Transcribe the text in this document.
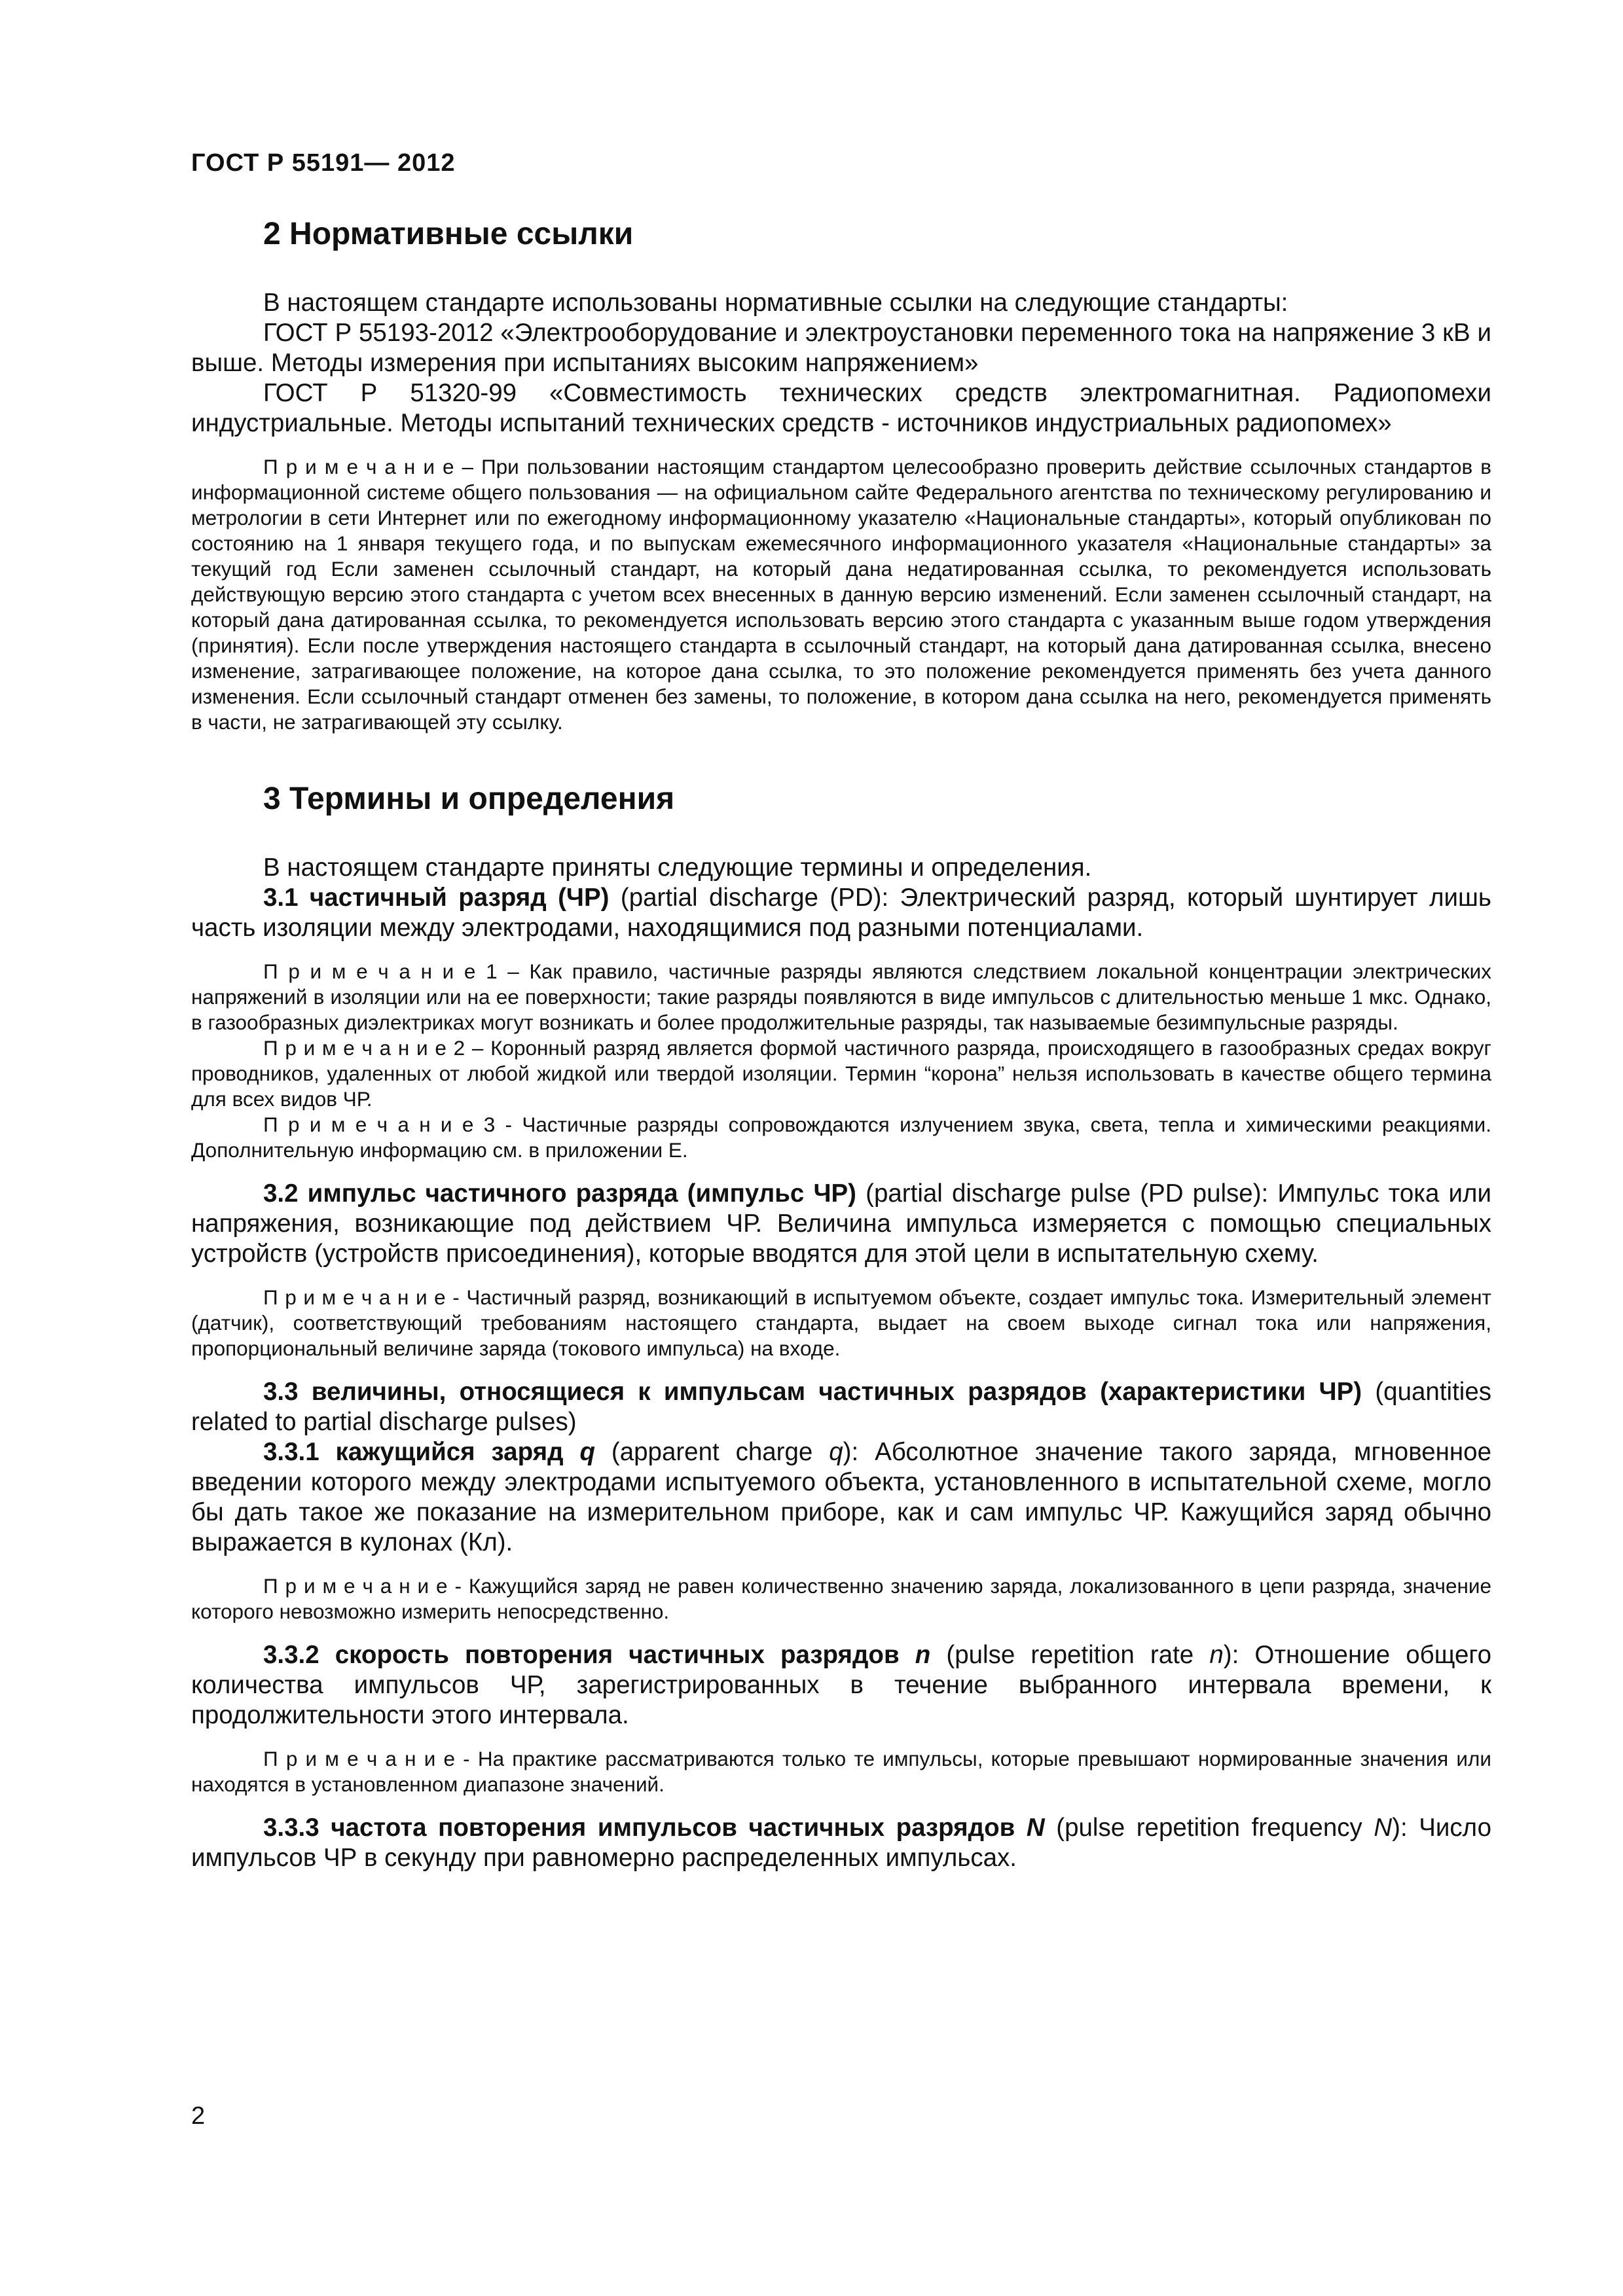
ГОСТ Р 55191— 2012
2 Нормативные ссылки

В настоящем стандарте использованы нормативные ссылки на следующие стандарты:

ГОСТ Р 55193-2012 «Электрооборудование и электроустановки переменного тока на напряжение 3 кВ и выше. Методы измерения при испытаниях высоким напряжением»

ГОСТ Р 51320-99 «Совместимость технических средств электромагнитная. Радиопомехи индустриальные. Методы испытаний технических средств - источников индустриальных радиопомех»

П р и м е ч а н и е – При пользовании настоящим стандартом целесообразно проверить действие ссылочных стандартов в информационной системе общего пользования — на официальном сайте Федерального агентства по техническому регулированию и метрологии в сети Интернет или по ежегодному информационному указателю «Национальные стандарты», который опубликован по состоянию на 1 января текущего года, и по выпускам ежемесячного информационного указателя «Национальные стандарты» за текущий год Если заменен ссылочный стандарт, на который дана недатированная ссылка, то рекомендуется использовать действующую версию этого стандарта с учетом всех внесенных в данную версию изменений. Если заменен ссылочный стандарт, на который дана датированная ссылка, то рекомендуется использовать версию этого стандарта с указанным выше годом утверждения (принятия). Если после утверждения настоящего стандарта в ссылочный стандарт, на который дана датированная ссылка, внесено изменение, затрагивающее положение, на которое дана ссылка, то это положение рекомендуется применять без учета данного изменения. Если ссылочный стандарт отменен без замены, то положение, в котором дана ссылка на него, рекомендуется применять в части, не затрагивающей эту ссылку.

3 Термины и определения

В настоящем стандарте приняты следующие термины и определения.

3.1 частичный разряд (ЧР) (partial discharge (PD): Электрический разряд, который шунтирует лишь часть изоляции между электродами, находящимися под разными потенциалами.

П р и м е ч а н и е 1 – Как правило, частичные разряды являются следствием локальной концентрации электрических напряжений в изоляции или на ее поверхности; такие разряды появляются в виде импульсов с длительностью меньше 1 мкс. Однако, в газообразных диэлектриках могут возникать и более продолжительные разряды, так называемые безимпульсные разряды.

П р и м е ч а н и е 2 – Коронный разряд является формой частичного разряда, происходящего в газообразных средах вокруг проводников, удаленных от любой жидкой или твердой изоляции. Термин “корона” нельзя использовать в качестве общего термина для всех видов ЧР.

П р и м е ч а н и е 3 - Частичные разряды сопровождаются излучением звука, света, тепла и химическими реакциями. Дополнительную информацию см. в приложении Е.

3.2 импульс частичного разряда (импульс ЧР) (partial discharge pulse (PD pulse): Импульс тока или напряжения, возникающие под действием ЧР. Величина импульса измеряется с помощью специальных устройств (устройств присоединения), которые вводятся для этой цели в испытательную схему.

П р и м е ч а н и е - Частичный разряд, возникающий в испытуемом объекте, создает импульс тока. Измерительный элемент (датчик), соответствующий требованиям настоящего стандарта, выдает на своем выходе сигнал тока или напряжения, пропорциональный величине заряда (токового импульса) на входе.

3.3 величины, относящиеся к импульсам частичных разрядов (характеристики ЧР) (quantities related to partial discharge pulses)

3.3.1 кажущийся заряд q (apparent charge q): Абсолютное значение такого заряда, мгновенное введении которого между электродами испытуемого объекта, установленного в испытательной схеме, могло бы дать такое же показание на измерительном приборе, как и сам импульс ЧР. Кажущийся заряд обычно выражается в кулонах (Кл).

П р и м е ч а н и е - Кажущийся заряд не равен количественно значению заряда, локализованного в цепи разряда, значение которого невозможно измерить непосредственно.

3.3.2 скорость повторения частичных разрядов n (pulse repetition rate n): Отношение общего количества импульсов ЧР, зарегистрированных в течение выбранного интервала времени, к продолжительности этого интервала.

П р и м е ч а н и е - На практике рассматриваются только те импульсы, которые превышают нормированные значения или находятся в установленном диапазоне значений.

3.3.3 частота повторения импульсов частичных разрядов N (pulse repetition frequency N): Число импульсов ЧР в секунду при равномерно распределенных импульсах.

2
